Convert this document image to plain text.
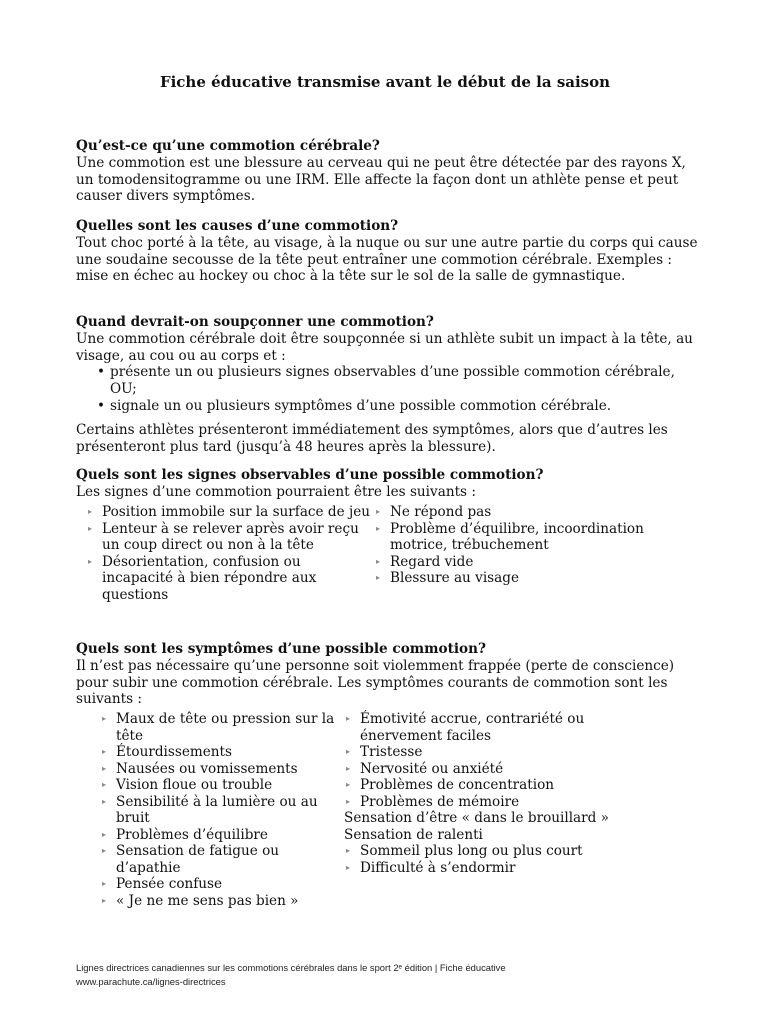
Fiche éducative transmise avant le début de la saison
Qu’est-ce qu’une commotion cérébrale?

Une commotion est une blessure au cerveau qui ne peut être détectée par des rayons X, un tomodensitogramme ou une IRM. Elle affecte la façon dont un athlète pense et peut causer divers symptômes.

Quelles sont les causes d’une commotion?

Tout choc porté à la tête, au visage, à la nuque ou sur une autre partie du corps qui cause une soudaine secousse de la tête peut entraîner une commotion cérébrale. Exemples : mise en échec au hockey ou choc à la tête sur le sol de la salle de gymnastique.

Quand devrait-on soupçonner une commotion?

Une commotion cérébrale doit être soupçonnée si un athlète subit un impact à la tête, au visage, au cou ou au corps et :

• présente un ou plusieurs signes observables d’une possible commotion cérébrale, OU;
• signale un ou plusieurs symptômes d’une possible commotion cérébrale.

Certains athlètes présenteront immédiatement des symptômes, alors que d’autres les présenteront plus tard (jusqu’à 48 heures après la blessure).

Quels sont les signes observables d’une possible commotion?

Les signes d’une commotion pourraient être les suivants :

▸ Position immobile sur la surface de jeu
▸ Lenteur à se relever après avoir reçu un coup direct ou non à la tête
▸ Désorientation, confusion ou incapacité à bien répondre aux questions
▸ Ne répond pas
▸ Problème d’équilibre, incoordination motrice, trébuchement
▸ Regard vide
▸ Blessure au visage
Quels sont les symptômes d’une possible commotion?

Il n’est pas nécessaire qu’une personne soit violemment frappée (perte de conscience) pour subir une commotion cérébrale. Les symptômes courants de commotion sont les suivants :

▸ Maux de tête ou pression sur la tête
▸ Étourdissements
▸ Nausées ou vomissements
▸ Vision floue ou trouble
▸ Sensibilité à la lumière ou au bruit
▸ Problèmes d’équilibre
▸ Sensation de fatigue ou d’apathie
▸ Pensée confuse
▸ « Je ne me sens pas bien »
▸ Émotivité accrue, contrariété ou énervement faciles
▸ Tristesse
▸ Nervosité ou anxiété
▸ Problèmes de concentration
▸ Problèmes de mémoire
Sensation d’être « dans le brouillard »
Sensation de ralenti
▸ Sommeil plus long ou plus court
▸ Difficulté à s’endormir
Lignes directrices canadiennes sur les commotions cérébrales dans le sport 2ᵉ édition | Fiche éducative
www.parachute.ca/lignes-directrices
